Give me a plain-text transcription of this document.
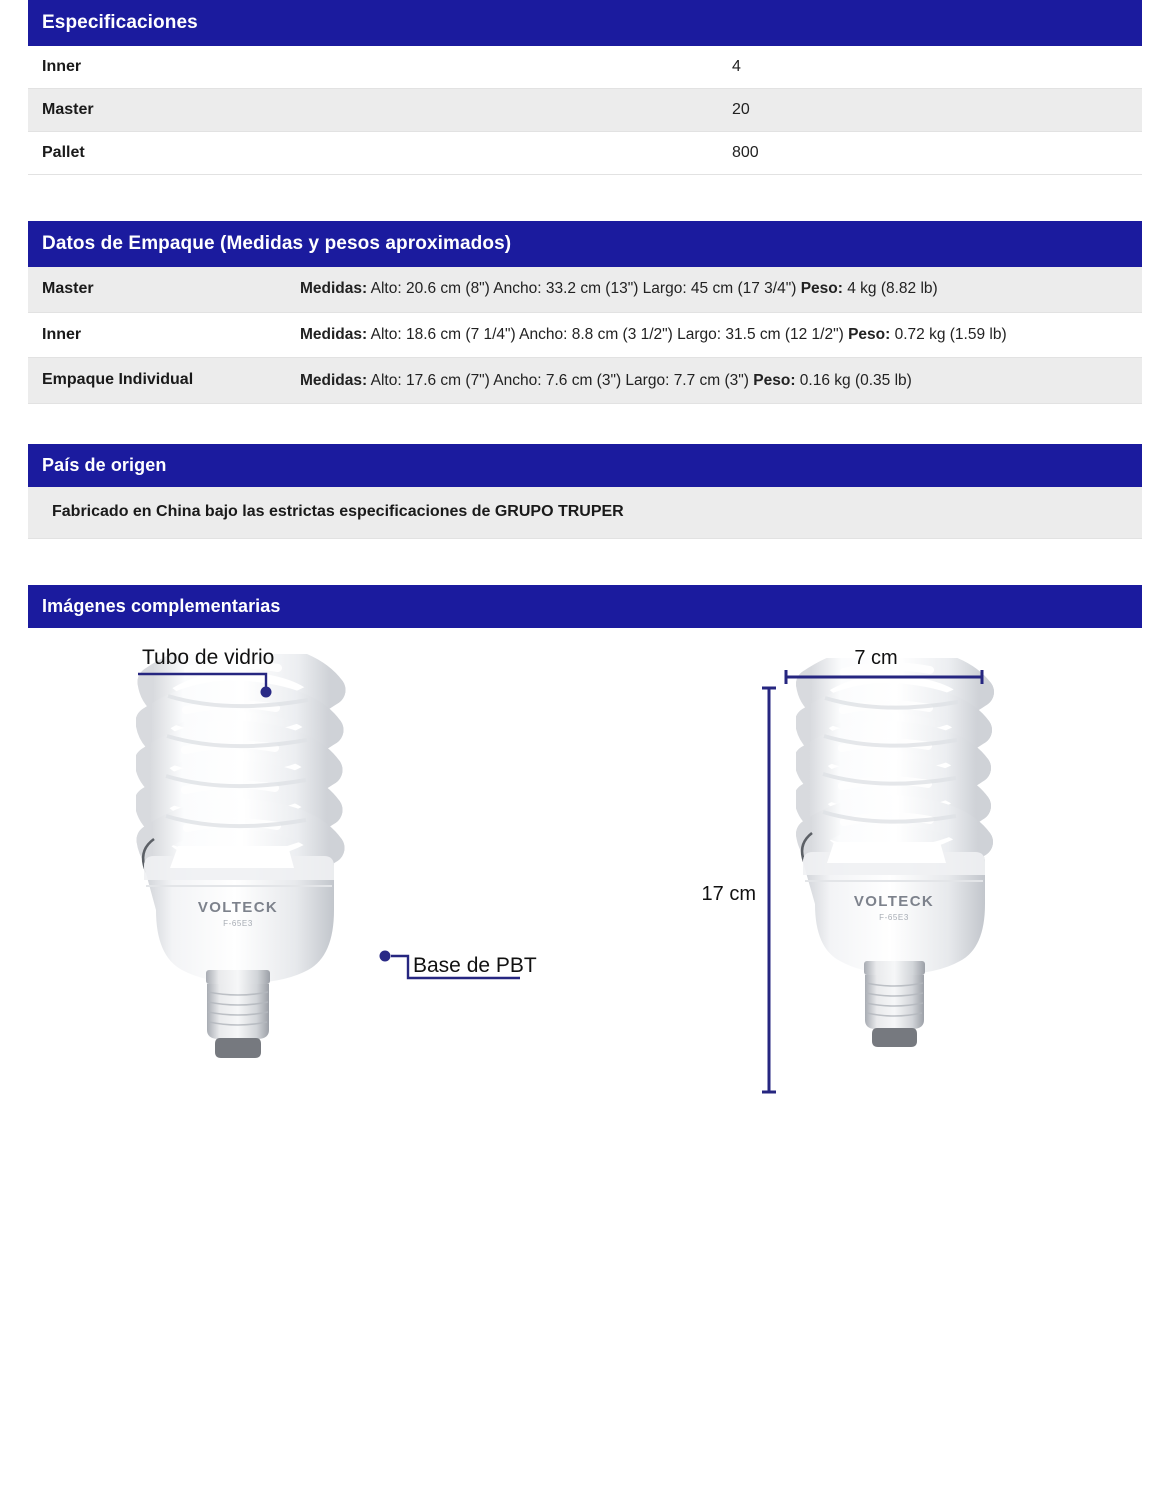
Especificaciones
Inner	4
Master	20
Pallet	800
Datos de Empaque (Medidas y pesos aproximados)
Master	Medidas: Alto: 20.6 cm (8") Ancho: 33.2 cm (13") Largo: 45 cm (17 3/4") Peso: 4 kg (8.82 lb)
Inner	Medidas: Alto: 18.6 cm (7 1/4") Ancho: 8.8 cm (3 1/2") Largo: 31.5 cm (12 1/2") Peso: 0.72 kg (1.59 lb)
Empaque Individual	Medidas: Alto: 17.6 cm (7") Ancho: 7.6 cm (3") Largo: 7.7 cm (3") Peso: 0.16 kg (0.35 lb)
País de origen
Fabricado en China bajo las estrictas especificaciones de GRUPO TRUPER
Imágenes complementarias
VOLTECK
F-65E3
Tubo de vidrio
Base de PBT
VOLTECK
F-65E3
7 cm
17 cm
